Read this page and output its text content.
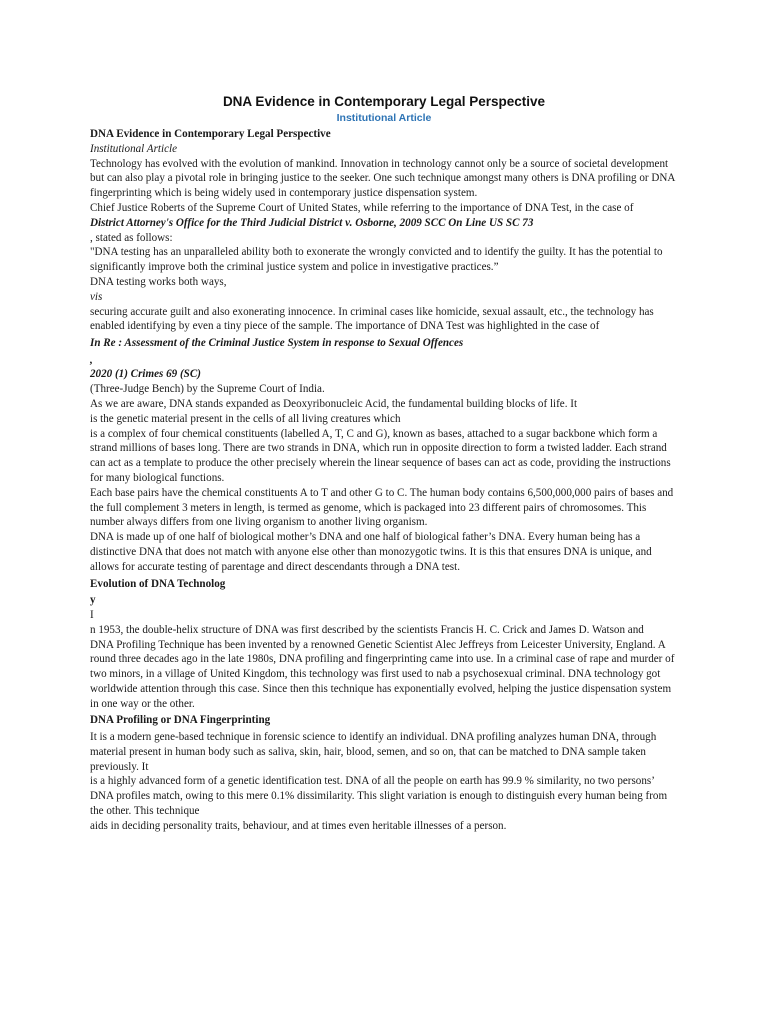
DNA Evidence in Contemporary Legal Perspective
Institutional Article

DNA Evidence in Contemporary Legal Perspective

Institutional Article

Technology has evolved with the evolution of mankind. Innovation in technology cannot only be a source of societal development but can also play a pivotal role in bringing justice to the seeker. One such technique amongst many others is DNA profiling or DNA fingerprinting which is being widely used in contemporary justice dispensation system.

Chief Justice Roberts of the Supreme Court of United States, while referring to the importance of DNA Test, in the case of

District Attorney's Office for the Third Judicial District v. Osborne, 2009 SCC On Line US SC 73

, stated as follows:

"DNA testing has an unparalleled ability both to exonerate the wrongly convicted and to identify the guilty. It has the potential to significantly improve both the criminal justice system and police in investigative practices.”

DNA testing works both ways,

vis

securing accurate guilt and also exonerating innocence. In criminal cases like homicide, sexual assault, etc., the technology has enabled identifying by even a tiny piece of the sample. The importance of DNA Test was highlighted in the case of

In Re : Assessment of the Criminal Justice System in response to Sexual Offences

,

2020 (1) Crimes 69 (SC)

(Three-Judge Bench) by the Supreme Court of India.

As we are aware, DNA stands expanded as Deoxyribonucleic Acid, the fundamental building blocks of life. It

is the genetic material present in the cells of all living creatures which

is a complex of four chemical constituents (labelled A, T, C and G), known as bases, attached to a sugar backbone which form a strand millions of bases long. There are two strands in DNA, which run in opposite direction to form a twisted ladder. Each strand can act as a template to produce the other precisely wherein the linear sequence of bases can act as code, providing the instructions for many biological functions.

Each base pairs have the chemical constituents A to T and other G to C. The human body contains 6,500,000,000 pairs of bases and the full complement 3 meters in length, is termed as genome, which is packaged into 23 different pairs of chromosomes. This number always differs from one living organism to another living organism.

DNA is made up of one half of biological mother’s DNA and one half of biological father’s DNA. Every human being has a distinctive DNA that does not match with anyone else other than monozygotic twins. It is this that ensures DNA is unique, and allows for accurate testing of parentage and direct descendants through a DNA test.

Evolution of DNA Technolog

y

I

n 1953, the double-helix structure of DNA was first described by the scientists Francis H. C. Crick and James D. Watson and

DNA Profiling Technique has been invented by a renowned Genetic Scientist Alec Jeffreys from Leicester University, England. A

round three decades ago in the late 1980s, DNA profiling and fingerprinting came into use. In a criminal case of rape and murder of two minors, in a village of United Kingdom, this technology was first used to nab a psychosexual criminal. DNA technology got worldwide attention through this case. Since then this technique has exponentially evolved, helping the justice dispensation system in one way or the other.

DNA Profiling or DNA Fingerprinting

It is a modern gene-based technique in forensic science to identify an individual. DNA profiling analyzes human DNA, through material present in human body such as saliva, skin, hair, blood, semen, and so on, that can be matched to DNA sample taken previously. It

is a highly advanced form of a genetic identification test. DNA of all the people on earth has 99.9 % similarity, no two persons’ DNA profiles match, owing to this mere 0.1% dissimilarity. This slight variation is enough to distinguish every human being from the other. This technique

aids in deciding personality traits, behaviour, and at times even heritable illnesses of a person.
